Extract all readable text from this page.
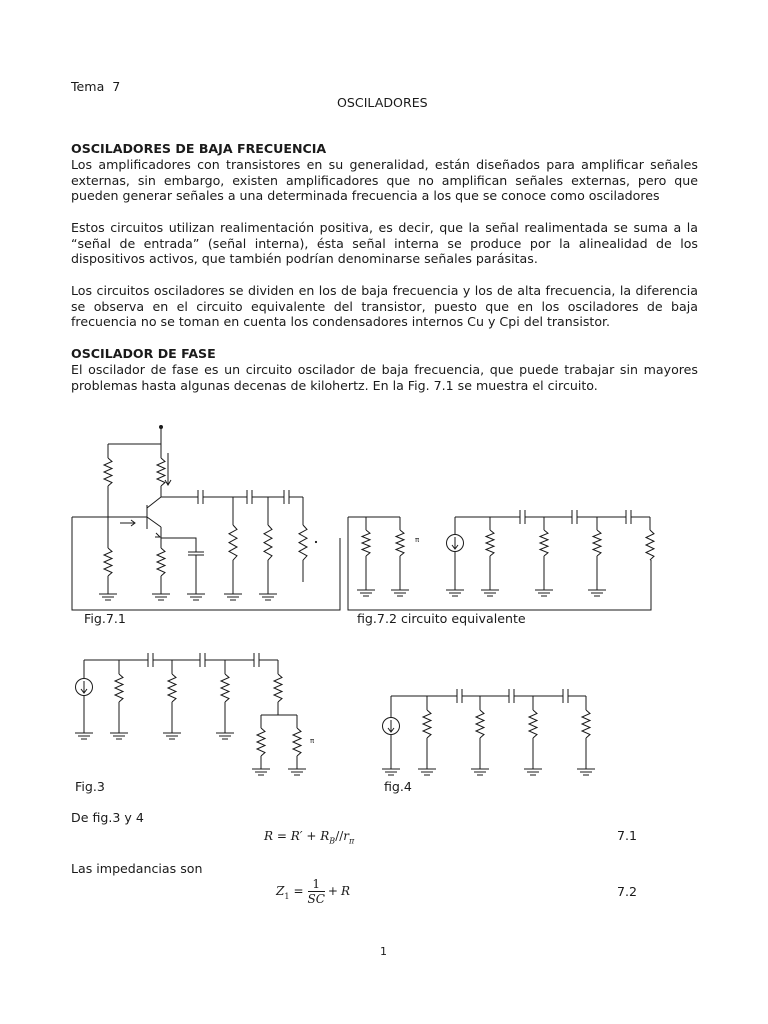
Tema  7
OSCILADORES
OSCILADORES DE BAJA FRECUENCIA
Los amplificadores con transistores en su generalidad, están diseñados para amplificar señales externas, sin embargo, existen amplificadores que no amplifican señales externas, pero que pueden generar señales a una determinada frecuencia a los que se conoce como osciladores
Estos circuitos utilizan realimentación positiva, es decir, que la señal realimentada se suma a la “señal de entrada” (señal interna), ésta señal interna se produce por la alinealidad de los dispositivos activos, que también podrían denominarse señales parásitas.
Los circuitos osciladores se dividen en los de baja frecuencia y los de alta frecuencia, la diferencia se observa en el circuito equivalente del transistor, puesto que en los osciladores de baja frecuencia no se toman en cuenta los condensadores internos Cu y Cpi del transistor.
OSCILADOR DE FASE
El oscilador de fase es un circuito oscilador de baja frecuencia, que puede trabajar sin mayores problemas hasta algunas decenas de kilohertz. En la Fig. 7.1 se muestra el circuito.
Fig.7.1
π
fig.7.2 circuito equivalente
π
Fig.3	fig.4
De fig.3 y 4
$R = R' + R_B//r_\pi$	7.1
Las impedancias son
$Z_1$ =
1
SC
+ R	7.2
1
